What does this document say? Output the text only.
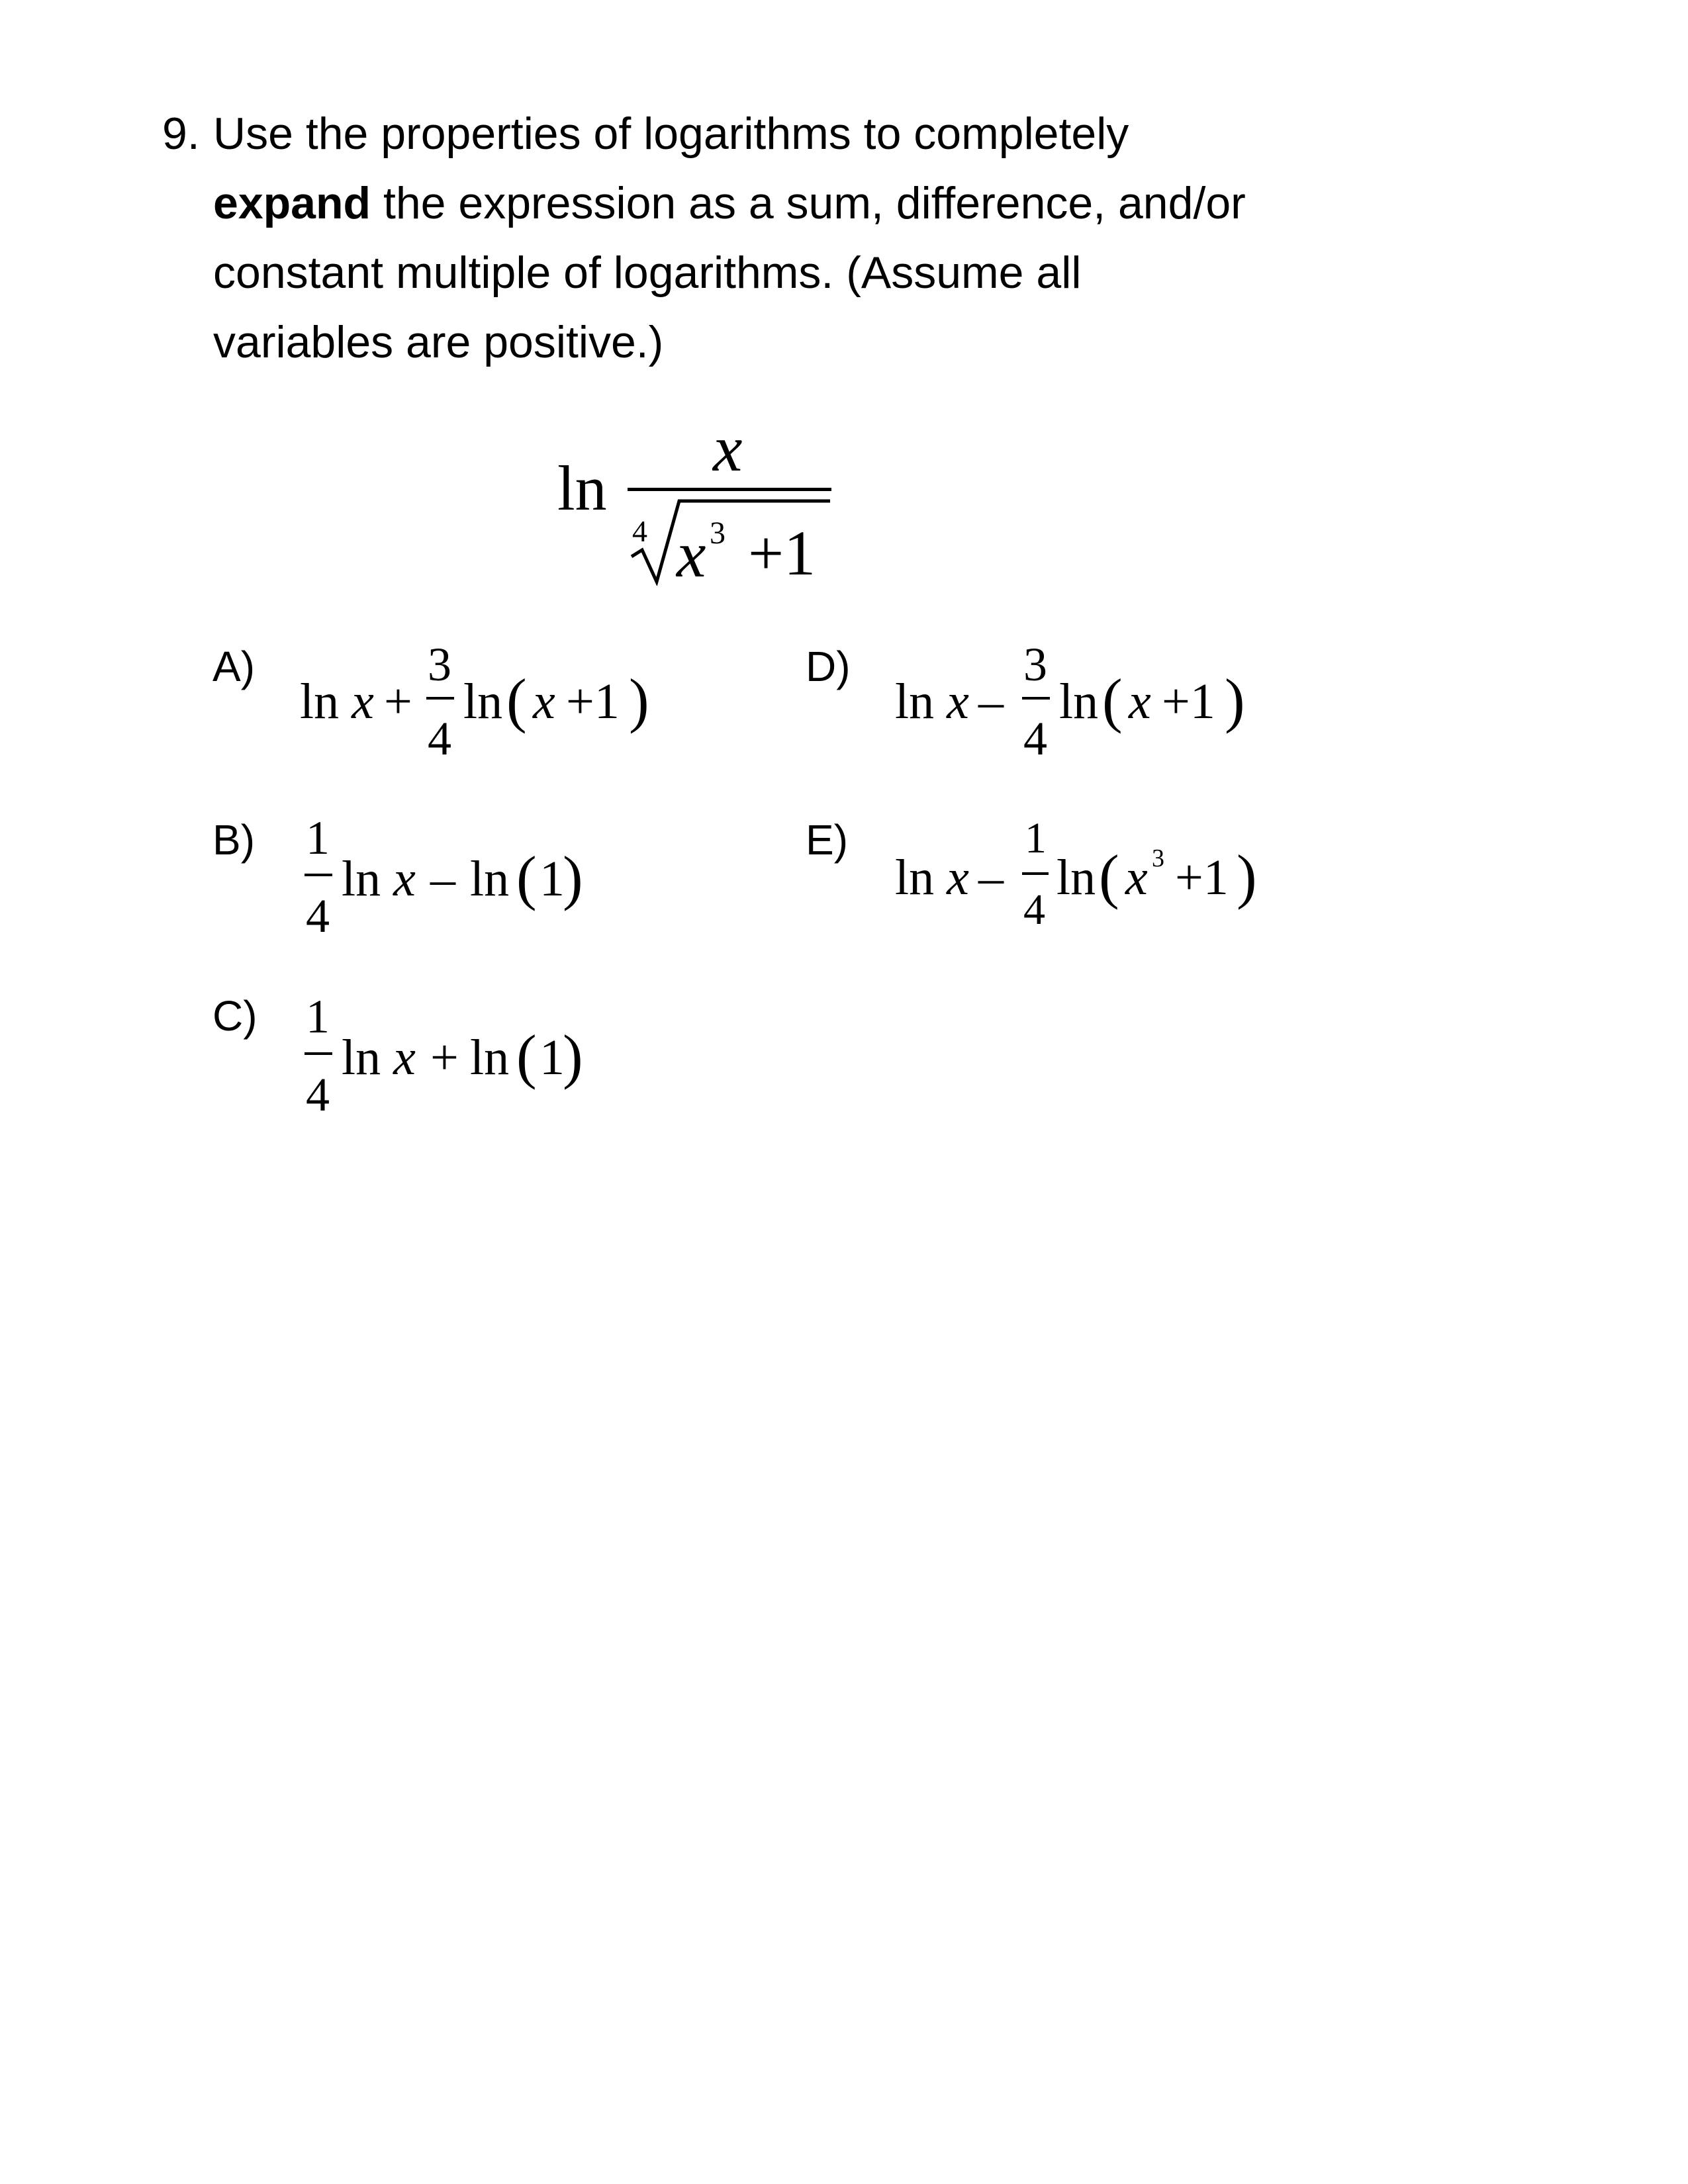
9. Use the properties of logarithms to completely
expand the expression as a sum, difference, and/or
constant multiple of logarithms. (Assume all
variables are positive.)
ln
x
4 x 3 +1
A)
ln x +
3
4
ln ( x +1 )
B) 1
4
ln x – ln ( 1
)
C) 1
4
ln x + ln ( 1
)
D)
ln x –
3
4
ln ( x +1 )
E)
ln x –
1
4
ln ( x 3 +1 )
